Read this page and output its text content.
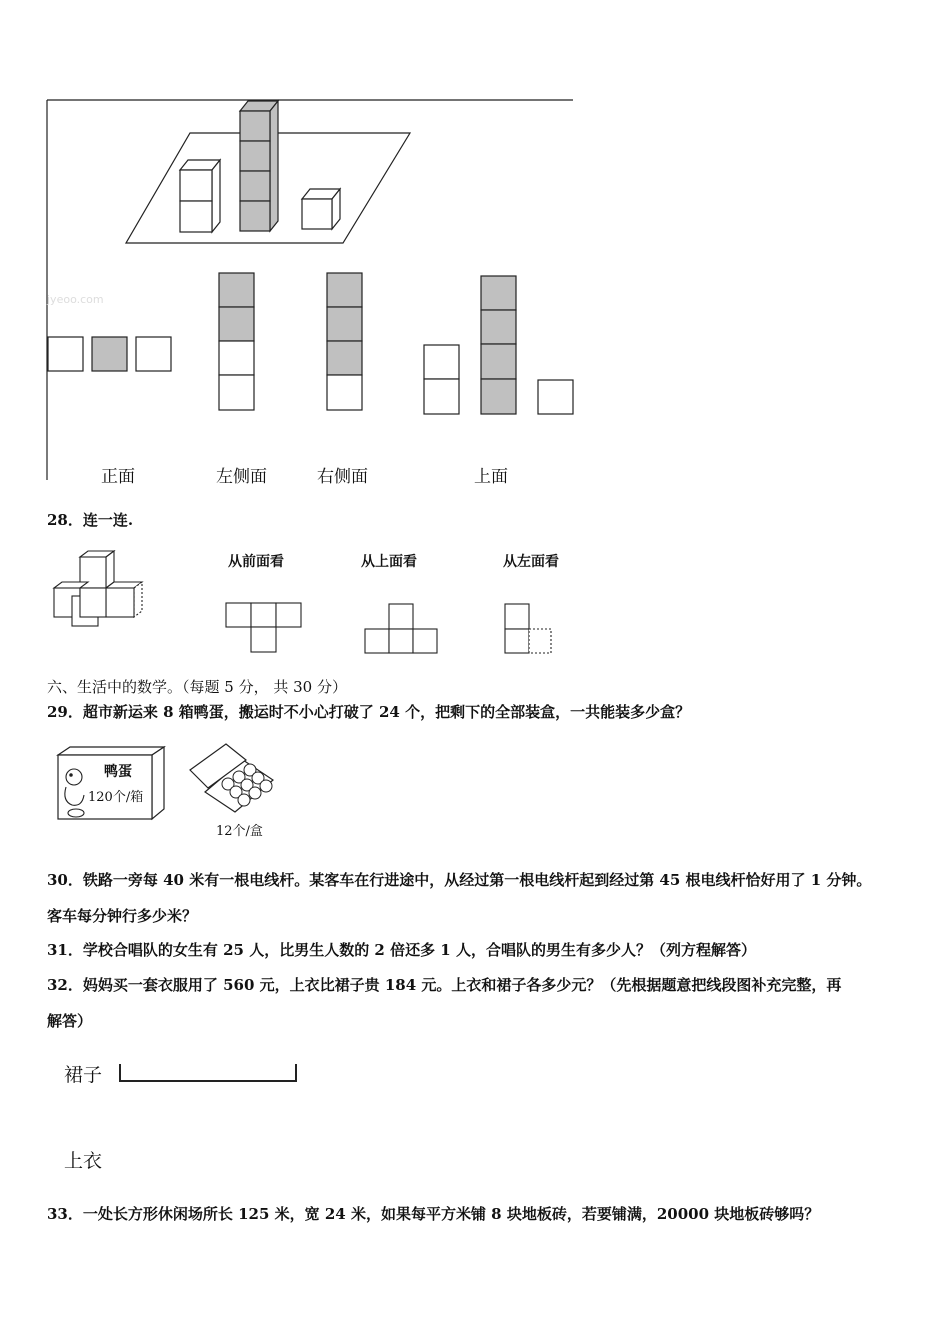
jyeoo.com
正面	左侧面	右侧面	上面
28．连一连.
从前面看	从上面看	从左面看
六、生活中的数学。（每题 5 分， 共 30 分）
29．超市新运来 8 箱鸭蛋，搬运时不小心打破了 24 个，把剩下的全部装盒，一共能装多少盒？
鸭蛋
120个/箱
12个/盒
30．铁路一旁每 40 米有一根电线杆。某客车在行进途中，从经过第一根电线杆起到经过第 45 根电线杆恰好用了 1 分钟。
客车每分钟行多少米？
31．学校合唱队的女生有 25 人，比男生人数的 2 倍还多 1 人，合唱队的男生有多少人？（列方程解答）
32．妈妈买一套衣服用了 560 元，上衣比裙子贵 184 元。上衣和裙子各多少元？（先根据题意把线段图补充完整，再
解答）
裙子
上衣
33．一处长方形休闲场所长 125 米，宽 24 米，如果每平方米铺 8 块地板砖，若要铺满，20000 块地板砖够吗？
